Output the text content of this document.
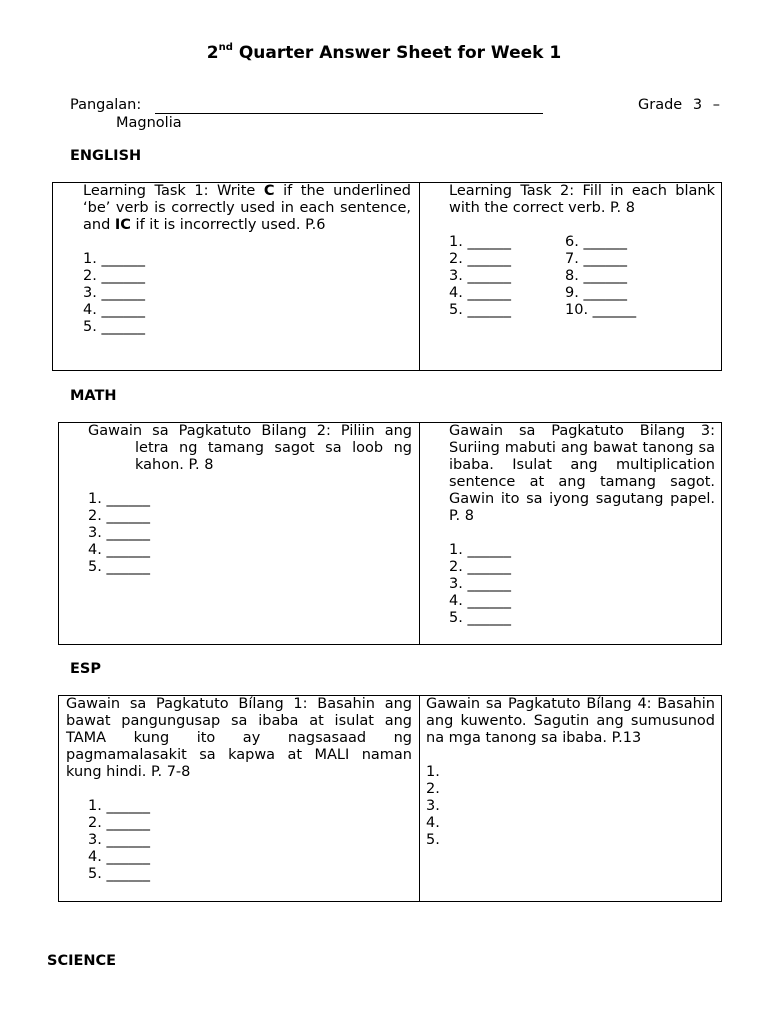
2nd Quarter Answer Sheet for Week 1
Pangalan:	Grade 3 –
Magnolia
ENGLISH
Learning Task 1: Write C if the underlined ‘be’ verb is correctly used in each sentence, and IC if it is incorrectly used. P.6
1. ______
2. ______
3. ______
4. ______
5. ______
Learning Task 2: Fill in each blank with the correct verb. P. 8
1. ______
2. ______
3. ______
4. ______
5. ______
6. ______
7. ______
8. ______
9. ______
10. ______
MATH
Gawain sa Pagkatuto Bilang 2: Piliin ang
letra ng tamang sagot sa loob ng
kahon. P. 8
1. ______
2. ______
3. ______
4. ______
5. ______
Gawain sa Pagkatuto Bilang 3: Suriing mabuti ang bawat tanong sa ibaba. Isulat ang multiplication sentence at ang tamang sagot. Gawin ito sa iyong sagutang papel. P. 8
1. ______
2. ______
3. ______
4. ______
5. ______
ESP
Gawain sa Pagkatuto Bílang 1: Basahin ang bawat pangungusap sa ibaba at isulat ang TAMA kung ito ay nagsasaad ng pagmamalasakit sa kapwa at MALI naman kung hindi. P. 7-8
1. ______
2. ______
3. ______
4. ______
5. ______
Gawain sa Pagkatuto Bílang 4: Basahin ang kuwento. Sagutin ang sumusunod na mga tanong sa ibaba. P.13
1.
2.
3.
4.
5.
SCIENCE
